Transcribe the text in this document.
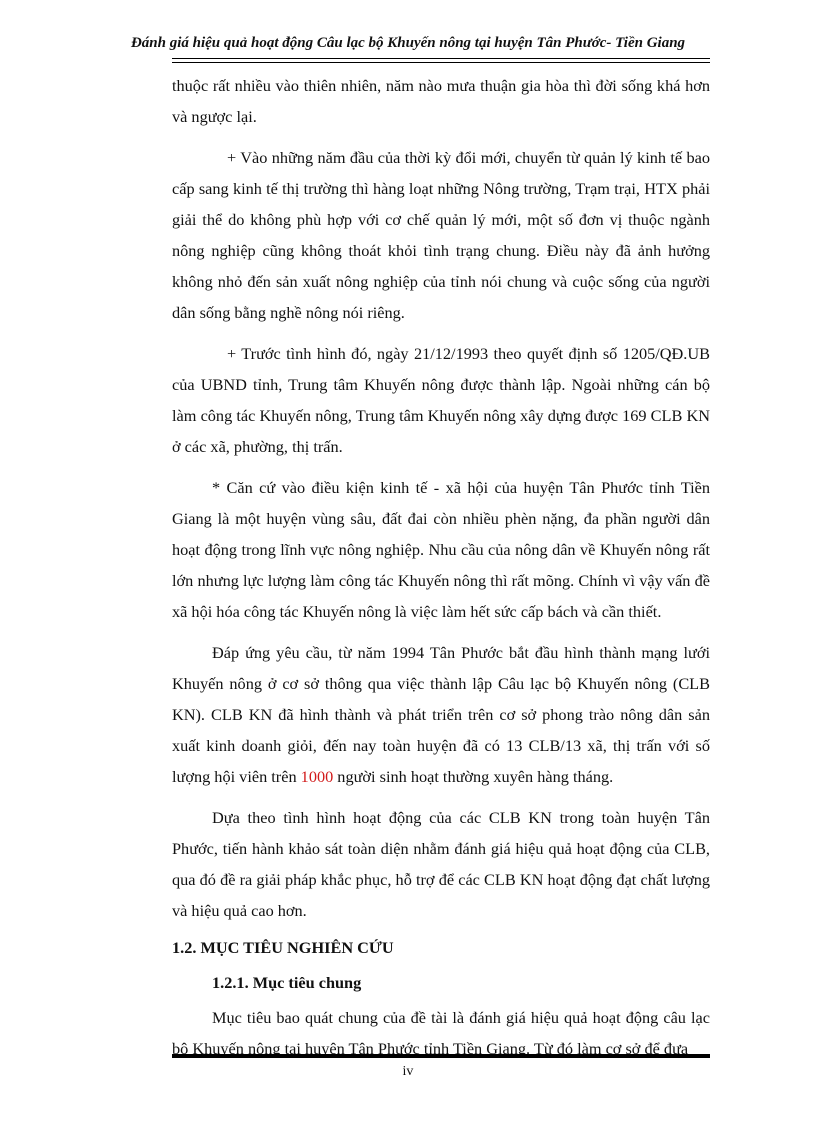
Đánh giá hiệu quả hoạt động Câu lạc bộ Khuyến nông tại huyện Tân Phước- Tiền Giang

thuộc rất nhiều vào thiên nhiên, năm nào mưa thuận gia hòa thì đời sống khá hơn và ngược lại.

+ Vào những năm đầu của thời kỳ đổi mới, chuyển từ quản lý kinh tế bao cấp sang kinh tế thị trường thì hàng loạt những Nông trường, Trạm trại, HTX phải giải thể do không phù hợp với cơ chế quản lý mới, một số đơn vị thuộc ngành nông nghiệp cũng không thoát khỏi tình trạng chung. Điều này đã ảnh hưởng không nhỏ đến sản xuất nông nghiệp của tỉnh nói chung và cuộc sống của người dân sống bằng nghề nông nói riêng.

+ Trước tình hình đó, ngày 21/12/1993 theo quyết định số 1205/QĐ.UB của UBND tỉnh, Trung tâm Khuyến nông được thành lập. Ngoài những cán bộ làm công tác Khuyến nông, Trung tâm Khuyến nông xây dựng được 169 CLB KN ở các xã, phường, thị trấn.

* Căn cứ vào điều kiện kinh tế - xã hội của huyện Tân Phước tỉnh Tiền Giang là một huyện vùng sâu, đất đai còn nhiều phèn nặng, đa phần người dân hoạt động trong lĩnh vực nông nghiệp. Nhu cầu của nông dân về Khuyến nông rất lớn nhưng lực lượng làm công tác Khuyến nông thì rất mõng. Chính vì vậy vấn đề xã hội hóa công tác Khuyến nông là việc làm hết sức cấp bách và cần thiết.

Đáp ứng yêu cầu, từ năm 1994 Tân Phước bắt đầu hình thành mạng lưới Khuyến nông ở cơ sở thông qua việc thành lập Câu lạc bộ Khuyến nông (CLB KN). CLB KN đã hình thành và phát triển trên cơ sở phong trào nông dân sản xuất kinh doanh giỏi, đến nay toàn huyện đã có 13 CLB/13 xã, thị trấn với số lượng hội viên trên 1000 người sinh hoạt thường xuyên hàng tháng.

Dựa theo tình hình hoạt động của các CLB KN trong toàn huyện Tân Phước, tiến hành khảo sát toàn diện nhằm đánh giá hiệu quả hoạt động của CLB, qua đó đề ra giải pháp khắc phục, hỗ trợ để các CLB KN hoạt động đạt chất lượng và hiệu quả cao hơn.

1.2. MỤC TIÊU NGHIÊN CỨU
1.2.1. Mục tiêu chung

Mục tiêu bao quát chung của đề tài là đánh giá hiệu quả hoạt động câu lạc bộ Khuyến nông tại huyện Tân Phước tỉnh Tiền Giang. Từ đó làm cơ sở để đưa

iv
